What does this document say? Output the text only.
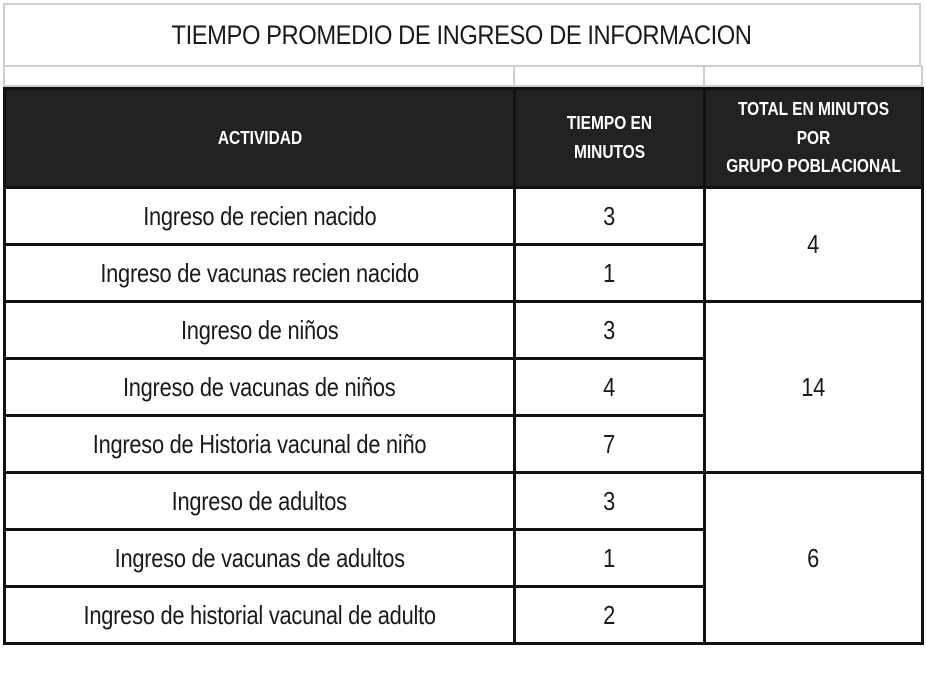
TIEMPO PROMEDIO DE INGRESO DE INFORMACION
ACTIVIDAD	TIEMPO EN MINUTOS	TOTAL EN MINUTOS POR
GRUPO POBLACIONAL
Ingreso de recien nacido	3	4
Ingreso de vacunas recien nacido	1	
Ingreso de niños	3	14
Ingreso de vacunas de niños	4	
Ingreso de Historia vacunal de niño	7	
Ingreso de adultos	3	6
Ingreso de vacunas de adultos	1	
Ingreso de historial vacunal de adulto	2	
